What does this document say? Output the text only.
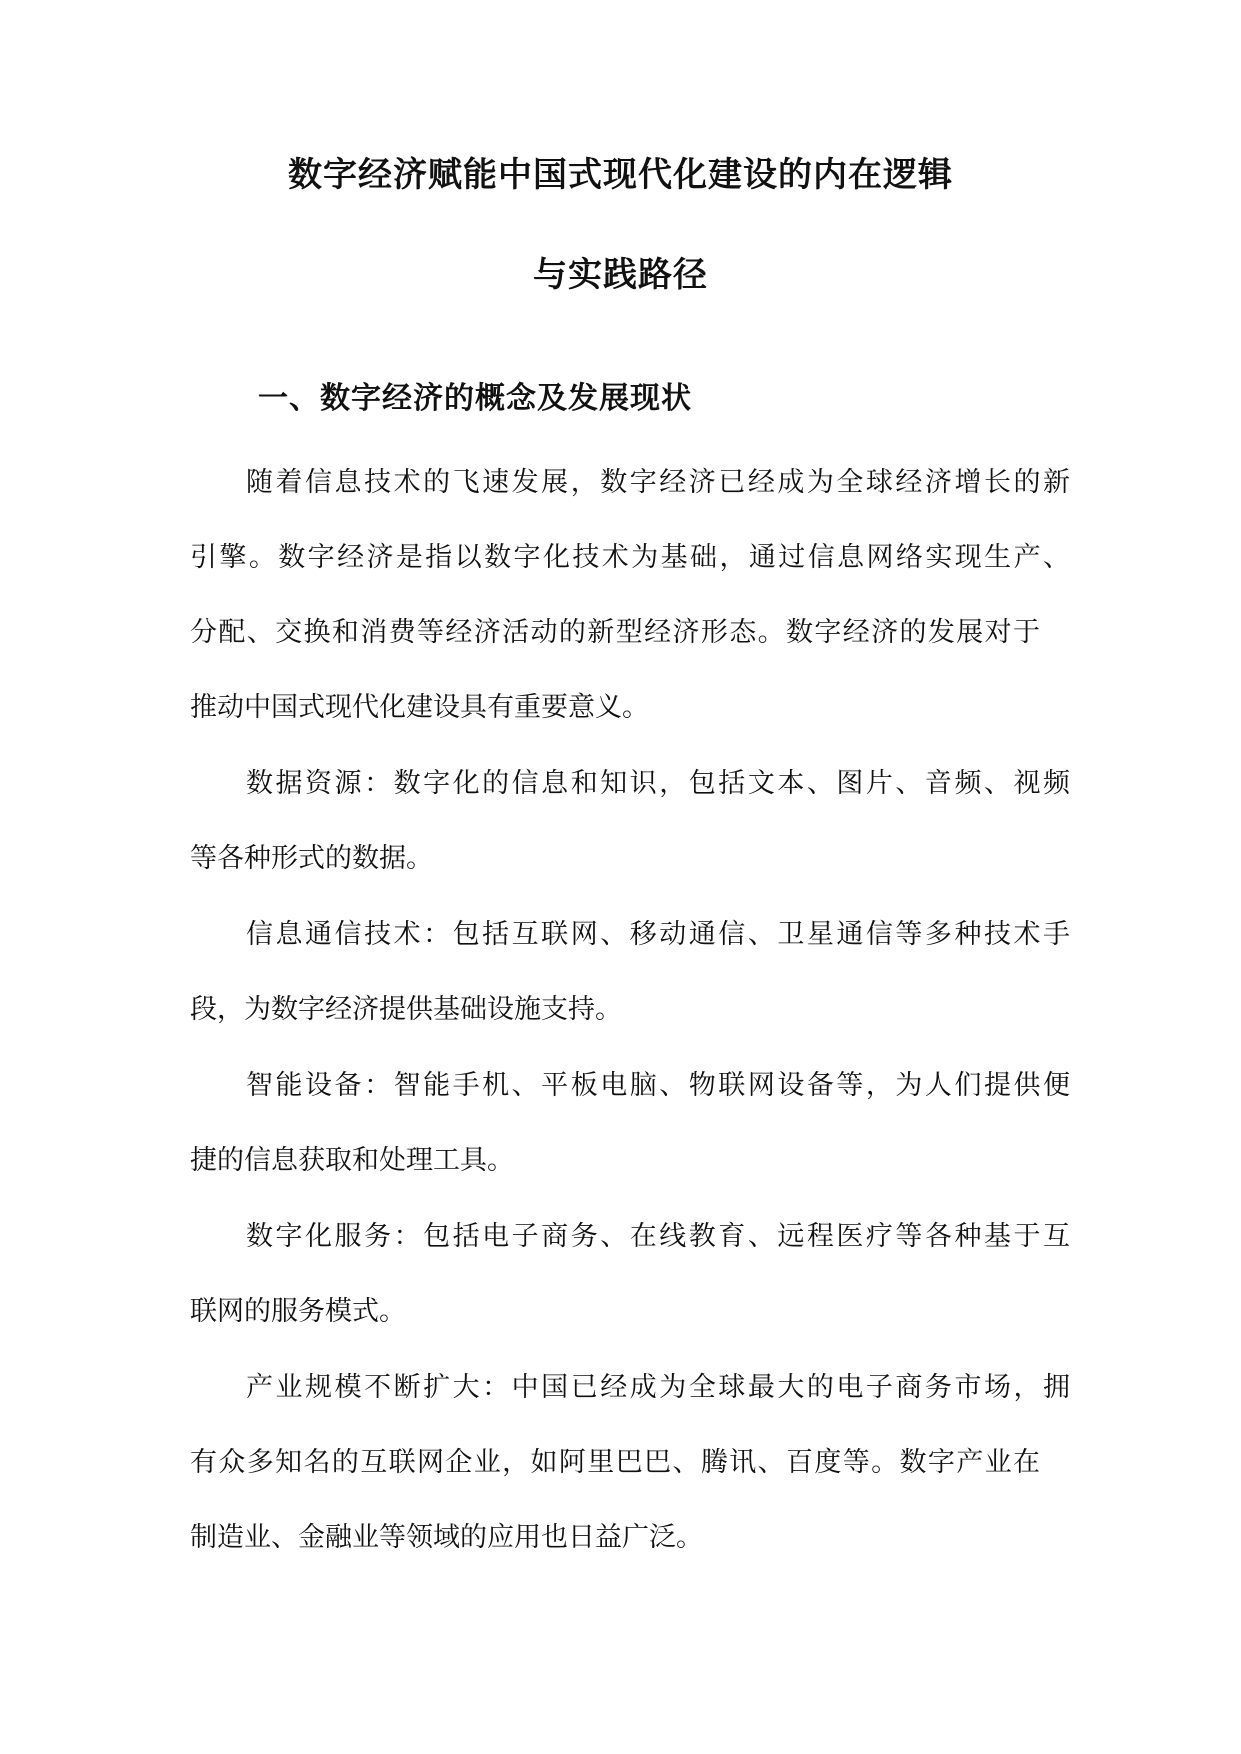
数字经济赋能中国式现代化建设的内在逻辑
与实践路径
一、数字经济的概念及发展现状

随着信息技术的飞速发展，数字经济已经成为全球经济增长的新

引擎。数字经济是指以数字化技术为基础，通过信息网络实现生产、

分配、交换和消费等经济活动的新型经济形态。数字经济的发展对于

推动中国式现代化建设具有重要意义。

数据资源：数字化的信息和知识，包括文本、图片、音频、视频

等各种形式的数据。

信息通信技术：包括互联网、移动通信、卫星通信等多种技术手

段，为数字经济提供基础设施支持。

智能设备：智能手机、平板电脑、物联网设备等，为人们提供便

捷的信息获取和处理工具。

数字化服务：包括电子商务、在线教育、远程医疗等各种基于互

联网的服务模式。

产业规模不断扩大：中国已经成为全球最大的电子商务市场，拥

有众多知名的互联网企业，如阿里巴巴、腾讯、百度等。数字产业在

制造业、金融业等领域的应用也日益广泛。
